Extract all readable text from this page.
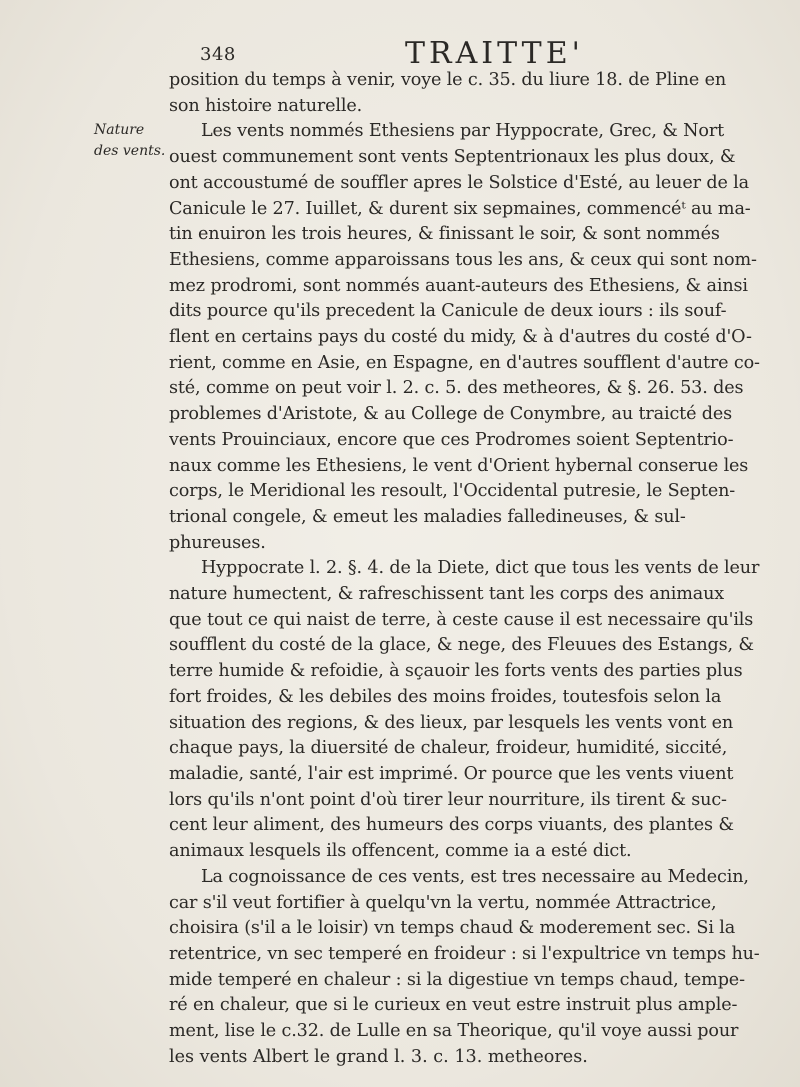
348	TRAITTE'
Nature
des vents.
position du temps à venir, voye le c. 35. du liure 18. de Pline en
son histoire naturelle.
Les vents nommés Ethesiens par Hyppocrate, Grec, & Nort
ouest communement sont vents Septentrionaux les plus doux, &
ont accoustumé de souffler apres le Solstice d'Esté, au leuer de la
Canicule le 27. Iuillet, & durent six sepmaines, commencéᵗ au ma-
tin enuiron les trois heures, & finissant le soir, & sont nommés
Ethesiens, comme apparoissans tous les ans, & ceux qui sont nom-
mez prodromi, sont nommés auant-auteurs des Ethesiens, & ainsi
dits pource qu'ils precedent la Canicule de deux iours : ils souf-
flent en certains pays du costé du midy, & à d'autres du costé d'O-
rient, comme en Asie, en Espagne, en d'autres soufflent d'autre co-
sté, comme on peut voir l. 2. c. 5. des metheores, & §. 26. 53. des
problemes d'Aristote, & au College de Conymbre, au traicté des
vents Prouinciaux, encore que ces Prodromes soient Septentrio-
naux comme les Ethesiens, le vent d'Orient hybernal conserue les
corps, le Meridional les resoult, l'Occidental putresie, le Septen-
trional congele, & emeut les maladies falledineuses, & sul-
phureuses.
Hyppocrate l. 2. §. 4. de la Diete, dict que tous les vents de leur
nature humectent, & rafreschissent tant les corps des animaux
que tout ce qui naist de terre, à ceste cause il est necessaire qu'ils
soufflent du costé de la glace, & nege, des Fleuues des Estangs, &
terre humide & refoidie, à sçauoir les forts vents des parties plus
fort froides, & les debiles des moins froides, toutesfois selon la
situation des regions, & des lieux, par lesquels les vents vont en
chaque pays, la diuersité de chaleur, froideur, humidité, siccité,
maladie, santé, l'air est imprimé. Or pource que les vents viuent
lors qu'ils n'ont point d'où tirer leur nourriture, ils tirent & suc-
cent leur aliment, des humeurs des corps viuants, des plantes &
animaux lesquels ils offencent, comme ia a esté dict.
La cognoissance de ces vents, est tres necessaire au Medecin,
car s'il veut fortifier à quelqu'vn la vertu, nommée Attractrice,
choisira (s'il a le loisir) vn temps chaud & moderement sec. Si la
retentrice, vn sec temperé en froideur : si l'expultrice vn temps hu-
mide temperé en chaleur : si la digestiue vn temps chaud, tempe-
ré en chaleur, que si le curieux en veut estre instruit plus ample-
ment, lise le c.32. de Lulle en sa Theorique, qu'il voye aussi pour
les vents Albert le grand l. 3. c. 13. metheores.
